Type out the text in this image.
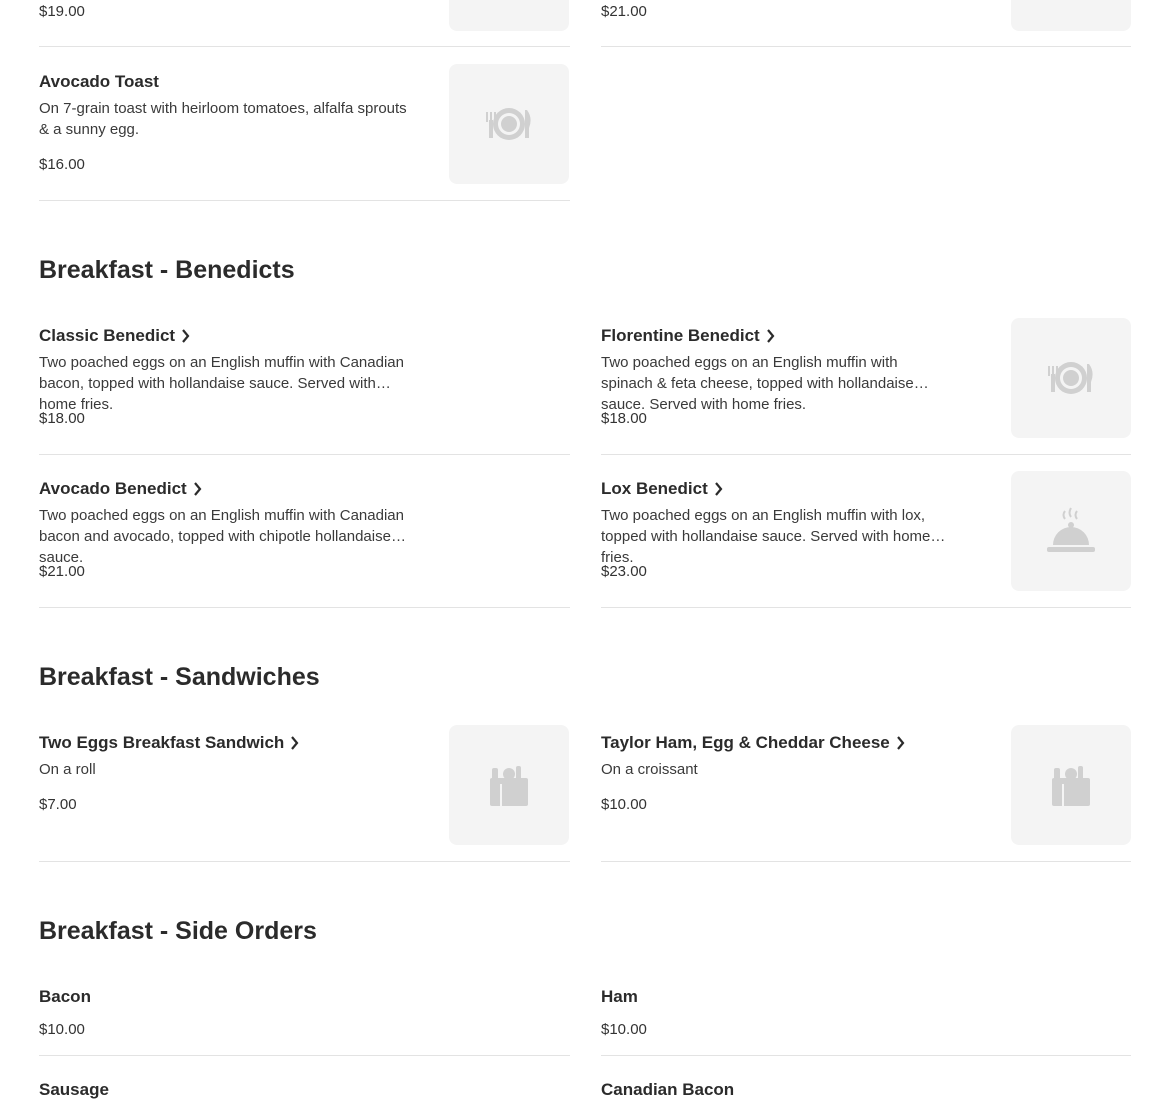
$19.00	$21.00
Avocado Toast
On 7-grain toast with heirloom tomatoes, alfalfa sprouts & a sunny egg.
$16.00
Breakfast - Benedicts
Classic Benedict
Two poached eggs on an English muffin with Canadian bacon, topped with hollandaise sauce. Served with home fries.
$18.00
Florentine Benedict
Two poached eggs on an English muffin with spinach & feta cheese, topped with hollandaise sauce. Served with home fries.
$18.00
Avocado Benedict
Two poached eggs on an English muffin with Canadian bacon and avocado, topped with chipotle hollandaise sauce.
$21.00
Lox Benedict
Two poached eggs on an English muffin with lox, topped with hollandaise sauce. Served with home fries.
$23.00
Breakfast - Sandwiches
Two Eggs Breakfast Sandwich
On a roll
$7.00
Taylor Ham, Egg & Cheddar Cheese
On a croissant
$10.00
Breakfast - Side Orders
Bacon
$10.00
Ham
$10.00
Sausage	Canadian Bacon
